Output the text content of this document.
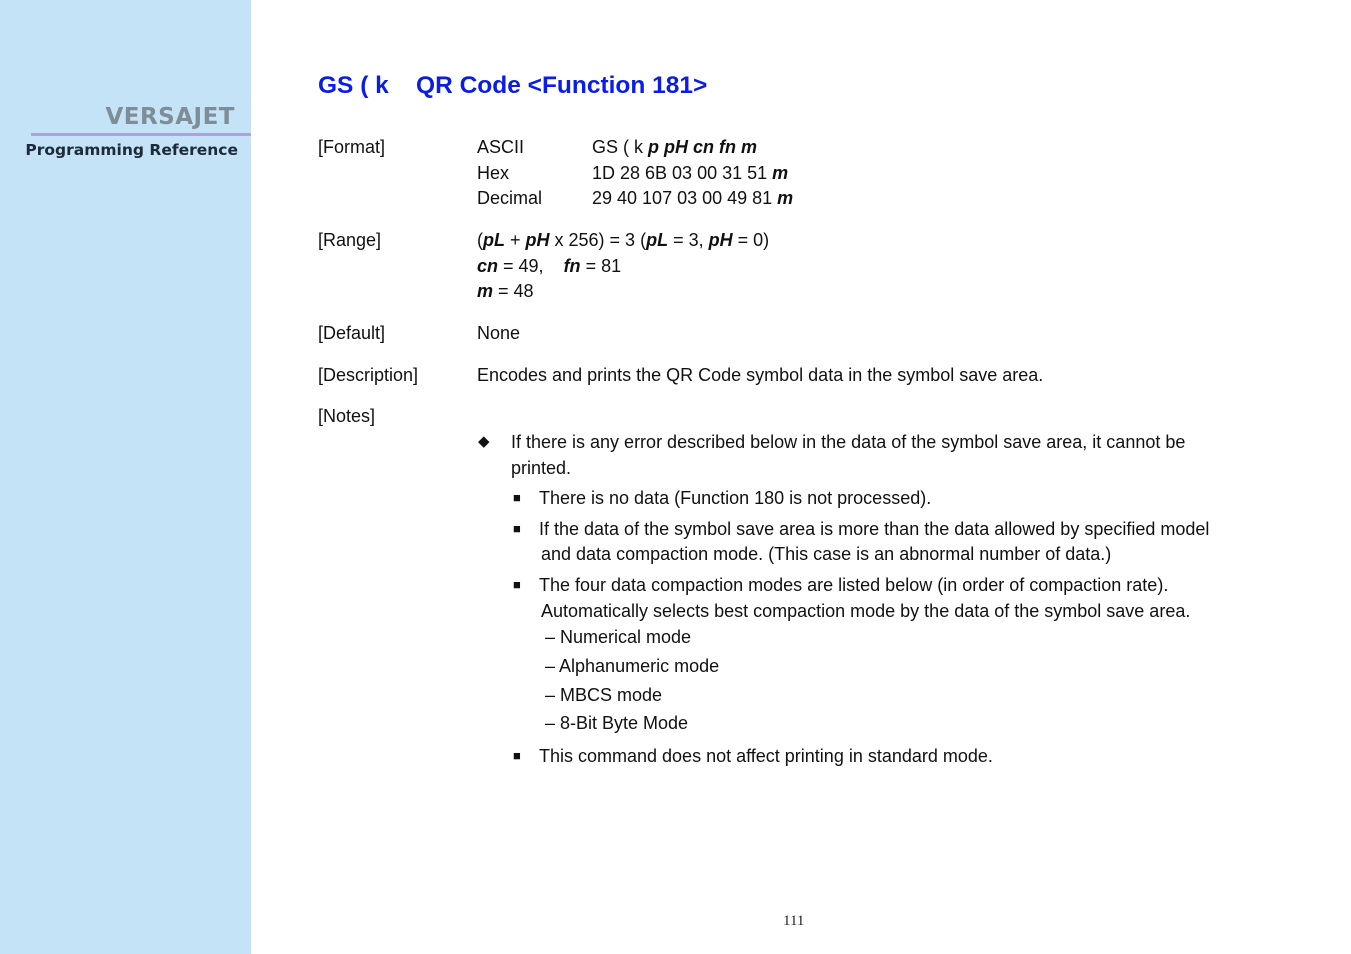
VERSAJET
Programming Reference
GS ( k    QR Code <Function 181>
[Format]	ASCII	GS ( k p pH cn fn m
Hex	1D 28 6B 03 00 31 51 m
Decimal	29 40 107 03 00 49 81 m
[Range]	(pL + pH x 256) = 3 (pL = 3, pH = 0)
cn = 49,    fn = 81
m = 48
[Default]	None
[Description]	Encodes and prints the QR Code symbol data in the symbol save area.
[Notes]
◆ If there is any error described below in the data of the symbol save area, it cannot be
printed.
■ There is no data (Function 180 is not processed).
■ If the data of the symbol save area is more than the data allowed by specified model
and data compaction mode. (This case is an abnormal number of data.)
■ The four data compaction modes are listed below (in order of compaction rate).
Automatically selects best compaction mode by the data of the symbol save area.
– Numerical mode
– Alphanumeric mode
– MBCS mode
– 8-Bit Byte Mode
■ This command does not affect printing in standard mode.
111
